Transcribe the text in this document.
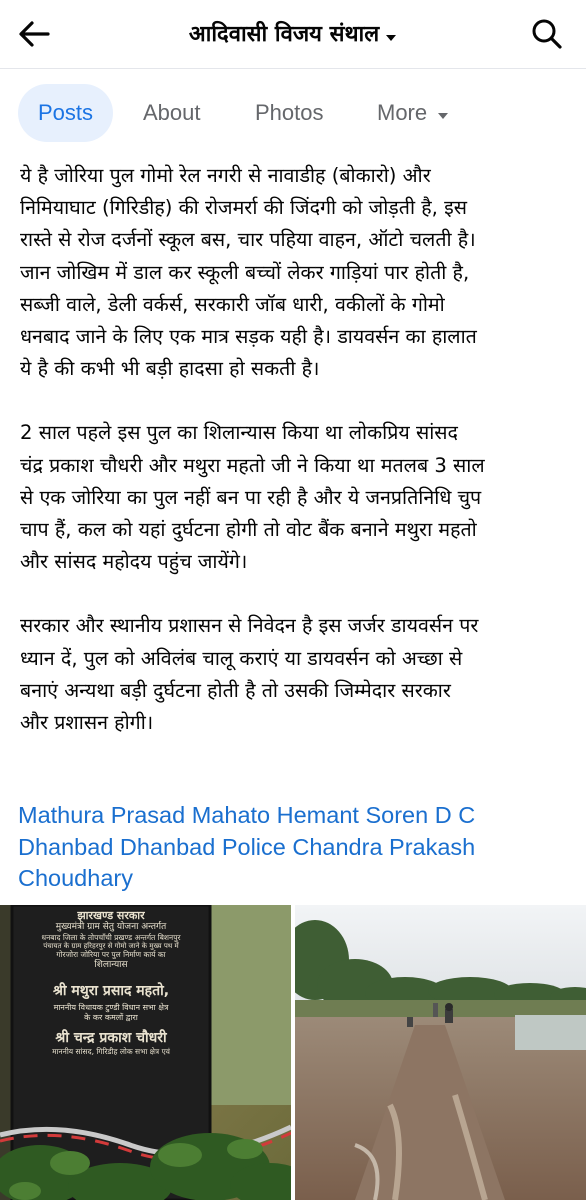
आदिवासी विजय संथाल
Posts About Photos More
ये है जोरिया पुल गोमो रेल नगरी से नावाडीह (बोकारो) और
निमियाघाट (गिरिडीह) की रोजमर्रा की जिंदगी को जोड़ती है, इस
रास्ते से रोज दर्जनों स्कूल बस, चार पहिया वाहन, ऑटो चलती है।
जान जोखिम में डाल कर स्कूली बच्चों लेकर गाड़ियां पार होती है,
सब्जी वाले, डेली वर्कर्स, सरकारी जॉब धारी, वकीलों के गोमो
धनबाद जाने के लिए एक मात्र सड़क यही है। डायवर्सन का हालात
ये है की कभी भी बड़ी हादसा हो सकती है।
2 साल पहले इस पुल का शिलान्यास किया था लोकप्रिय सांसद
चंद्र प्रकाश चौधरी और मथुरा महतो जी ने किया था मतलब 3 साल
से एक जोरिया का पुल नहीं बन पा रही है और ये जनप्रतिनिधि चुप
चाप हैं, कल को यहां दुर्घटना होगी तो वोट बैंक बनाने मथुरा महतो
और सांसद महोदय पहुंच जायेंगे।
सरकार और स्थानीय प्रशासन से निवेदन है इस जर्जर डायवर्सन पर
ध्यान दें, पुल को अविलंब चालू कराएं या डायवर्सन को अच्छा से
बनाएं अन्यथा बड़ी दुर्घटना होती है तो उसकी जिम्मेदार सरकार
और प्रशासन होगी।
Mathura Prasad Mahato Hemant Soren D C
Dhanbad Dhanbad Police Chandra Prakash
Choudhary
झारखण्ड सरकार
मुख्यमंत्री ग्राम सेतु योजना अन्तर्गत
धनबाद जिला के तोपचाँची प्रखण्ड अन्तर्गत बिशनपुर
पंचायत के ग्राम हरिहरपुर से गोमो जाने के मुख्य पथ में
गोरजोरा जोरिया पर पुल निर्माण कार्य का
शिलान्यास
श्री मथुरा प्रसाद महतो,
माननीय विधायक टुण्डी विधान सभा क्षेत्र
के कर कमलों द्वारा
श्री चन्द्र प्रकाश चौधरी
माननीय सांसद, गिरिडीह लोक सभा क्षेत्र एवं
